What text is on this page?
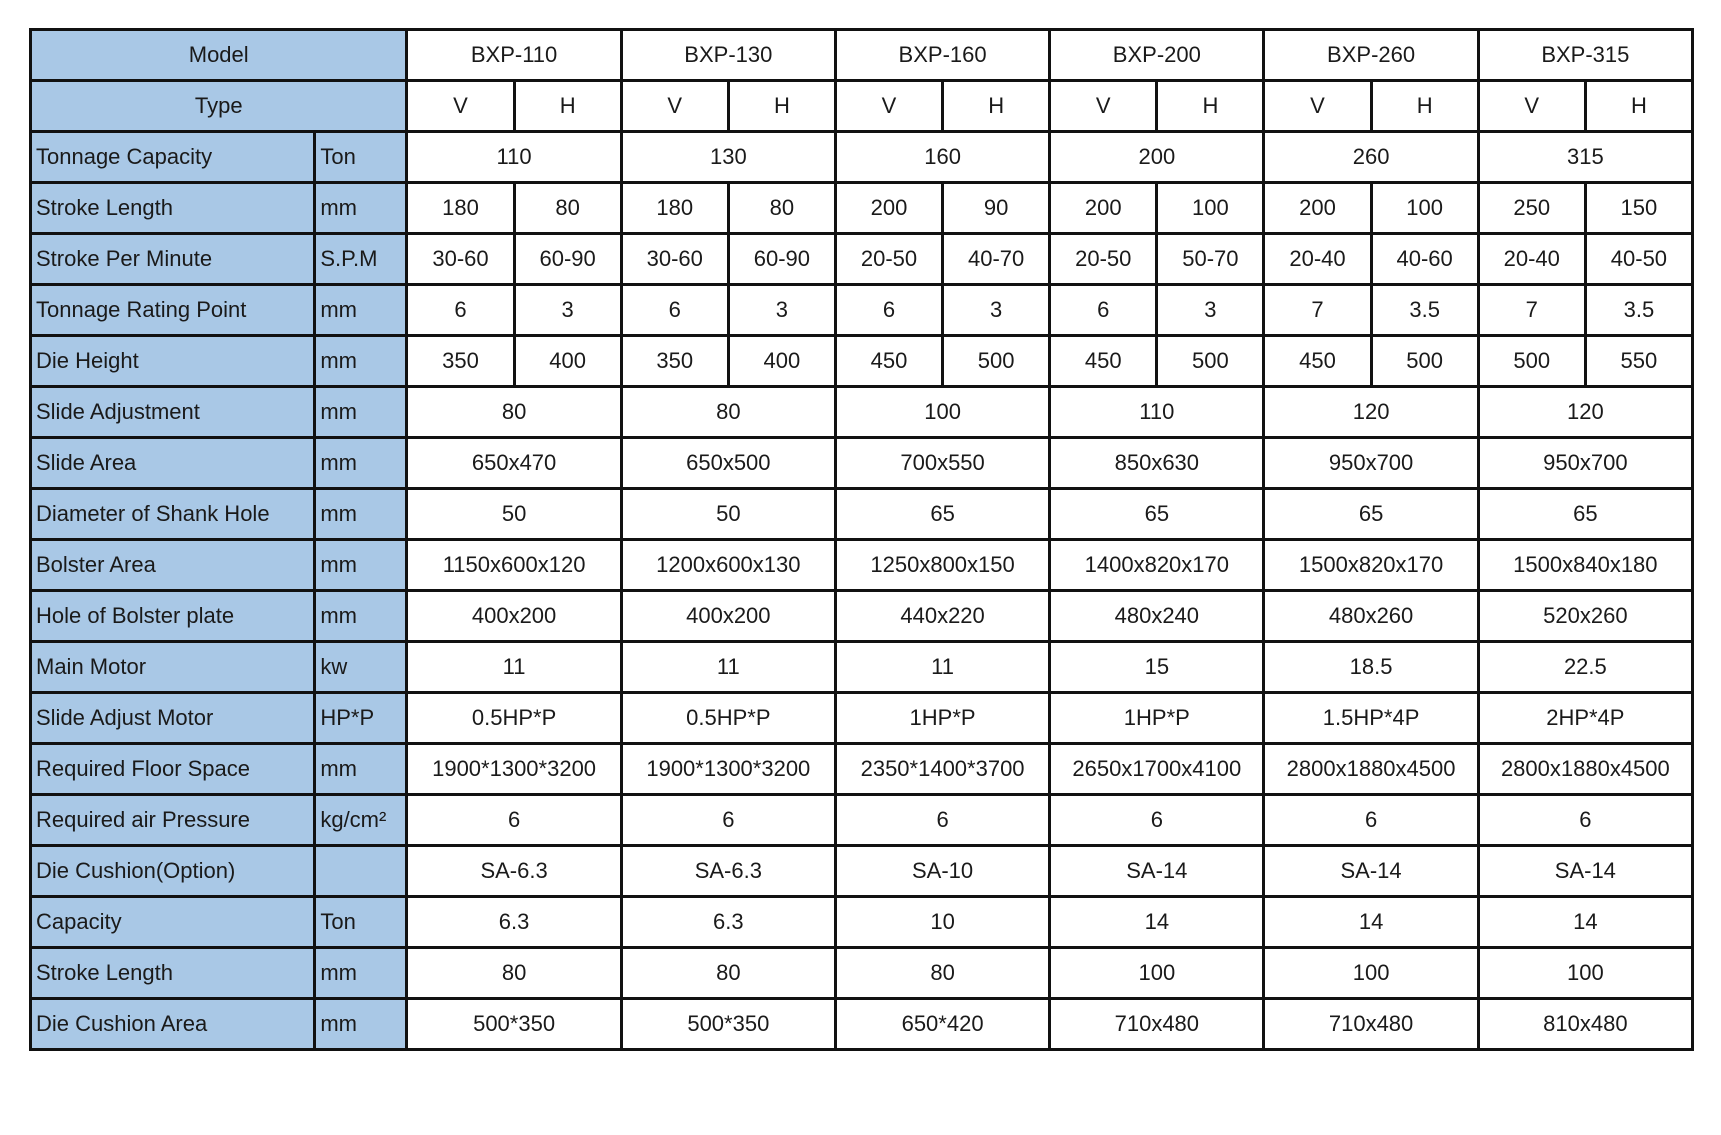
Model		BXP-110		BXP-130		BXP-160		BXP-200		BXP-260		BXP-315	
Type		V	H	V	H	V	H	V	H	V	H	V	H
Tonnage Capacity	Ton	110		130		160		200		260		315	
Stroke Length	mm	180	80	180	80	200	90	200	100	200	100	250	150
Stroke Per Minute	S.P.M	30-60	60-90	30-60	60-90	20-50	40-70	20-50	50-70	20-40	40-60	20-40	40-50
Tonnage Rating Point	mm	6	3	6	3	6	3	6	3	7	3.5	7	3.5
Die Height	mm	350	400	350	400	450	500	450	500	450	500	500	550
Slide Adjustment	mm	80		80		100		110		120		120	
Slide Area	mm	650x470		650x500		700x550		850x630		950x700		950x700	
Diameter of Shank Hole	mm	50		50		65		65		65		65	
Bolster Area	mm	1150x600x120		1200x600x130		1250x800x150		1400x820x170		1500x820x170		1500x840x180	
Hole of Bolster plate	mm	400x200		400x200		440x220		480x240		480x260		520x260	
Main Motor	kw	11		11		11		15		18.5		22.5	
Slide Adjust Motor	HP*P	0.5HP*P		0.5HP*P		1HP*P		1HP*P		1.5HP*4P		2HP*4P	
Required Floor Space	mm	1900*1300*3200		1900*1300*3200		2350*1400*3700		2650x1700x4100		2800x1880x4500		2800x1880x4500	
Required air Pressure	kg/cm²	6		6		6		6		6		6	
Die Cushion(Option)		SA-6.3		SA-6.3		SA-10		SA-14		SA-14		SA-14	
Capacity	Ton	6.3		6.3		10		14		14		14	
Stroke Length	mm	80		80		80		100		100		100	
Die Cushion Area	mm	500*350		500*350		650*420		710x480		710x480		810x480	
